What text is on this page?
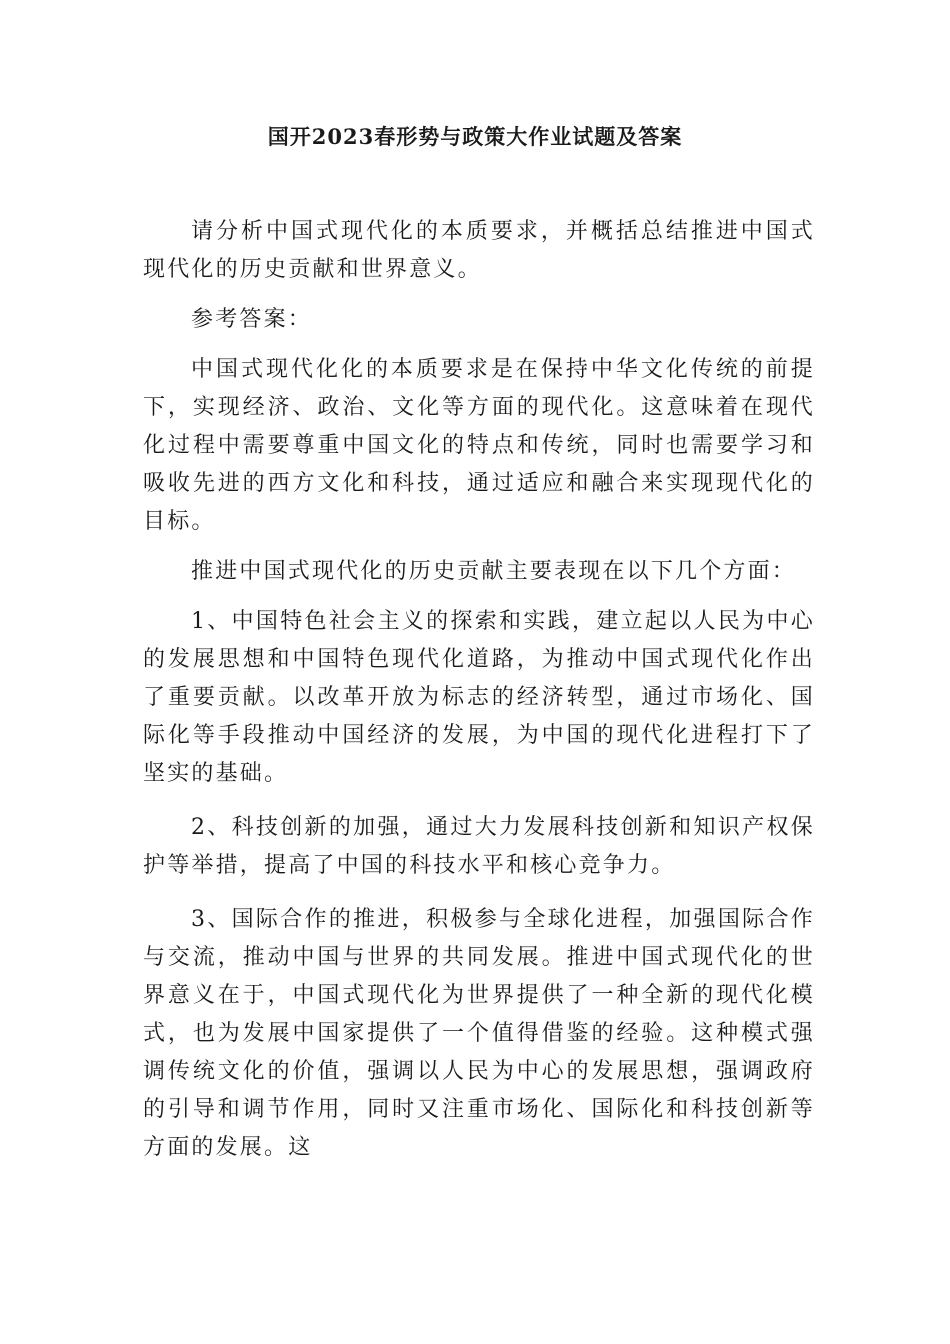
国开2023春形势与政策大作业试题及答案

请分析中国式现代化的本质要求，并概括总结推进中国式现代化的历史贡献和世界意义。

参考答案：

中国式现代化化的本质要求是在保持中华文化传统的前提下，实现经济、政治、文化等方面的现代化。这意味着在现代化过程中需要尊重中国文化的特点和传统，同时也需要学习和吸收先进的西方文化和科技，通过适应和融合来实现现代化的目标。

推进中国式现代化的历史贡献主要表现在以下几个方面：

1、中国特色社会主义的探索和实践，建立起以人民为中心的发展思想和中国特色现代化道路，为推动中国式现代化作出了重要贡献。以改革开放为标志的经济转型，通过市场化、国际化等手段推动中国经济的发展，为中国的现代化进程打下了坚实的基础。

2、科技创新的加强，通过大力发展科技创新和知识产权保护等举措，提高了中国的科技水平和核心竞争力。

3、国际合作的推进，积极参与全球化进程，加强国际合作与交流，推动中国与世界的共同发展。推进中国式现代化的世界意义在于，中国式现代化为世界提供了一种全新的现代化模式，也为发展中国家提供了一个值得借鉴的经验。这种模式强调传统文化的价值，强调以人民为中心的发展思想，强调政府的引导和调节作用，同时又注重市场化、国际化和科技创新等方面的发展。这
